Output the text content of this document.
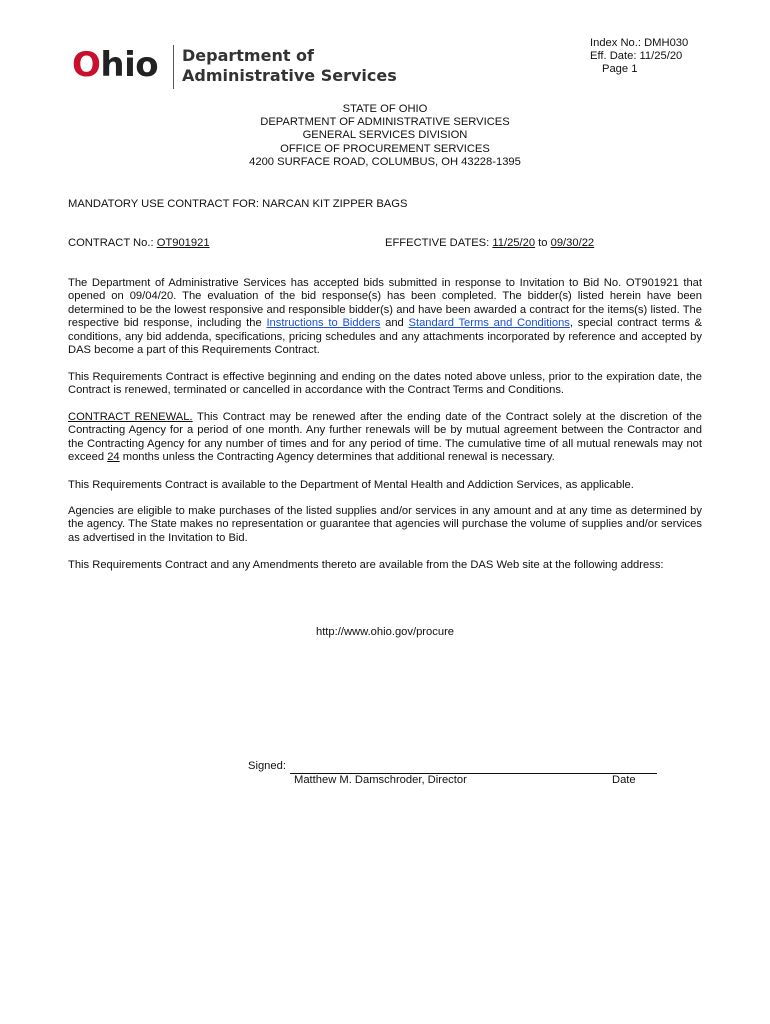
Ohio Department of
Administrative Services
Index No.: DMH030
Eff. Date: 11/25/20
Page 1
STATE OF OHIO
DEPARTMENT OF ADMINISTRATIVE SERVICES
GENERAL SERVICES DIVISION
OFFICE OF PROCUREMENT SERVICES
4200 SURFACE ROAD, COLUMBUS, OH 43228-1395
MANDATORY USE CONTRACT FOR: NARCAN KIT ZIPPER BAGS
CONTRACT No.: OT901921	EFFECTIVE DATES: 11/25/20 to 09/30/22
The Department of Administrative Services has accepted bids submitted in response to Invitation to Bid No. OT901921 that opened on 09/04/20. The evaluation of the bid response(s) has been completed. The bidder(s) listed herein have been determined to be the lowest responsive and responsible bidder(s) and have been awarded a contract for the items(s) listed. The respective bid response, including the Instructions to Bidders and Standard Terms and Conditions, special contract terms & conditions, any bid addenda, specifications, pricing schedules and any attachments incorporated by reference and accepted by DAS become a part of this Requirements Contract.
This Requirements Contract is effective beginning and ending on the dates noted above unless, prior to the expiration date, the Contract is renewed, terminated or cancelled in accordance with the Contract Terms and Conditions.
CONTRACT RENEWAL. This Contract may be renewed after the ending date of the Contract solely at the discretion of the Contracting Agency for a period of one month. Any further renewals will be by mutual agreement between the Contractor and the Contracting Agency for any number of times and for any period of time. The cumulative time of all mutual renewals may not exceed 24 months unless the Contracting Agency determines that additional renewal is necessary.
This Requirements Contract is available to the Department of Mental Health and Addiction Services, as applicable.
Agencies are eligible to make purchases of the listed supplies and/or services in any amount and at any time as determined by the agency. The State makes no representation or guarantee that agencies will purchase the volume of supplies and/or services as advertised in the Invitation to Bid.
This Requirements Contract and any Amendments thereto are available from the DAS Web site at the following address:
http://www.ohio.gov/procure
Signed:
Matthew M. Damschroder, Director	Date
